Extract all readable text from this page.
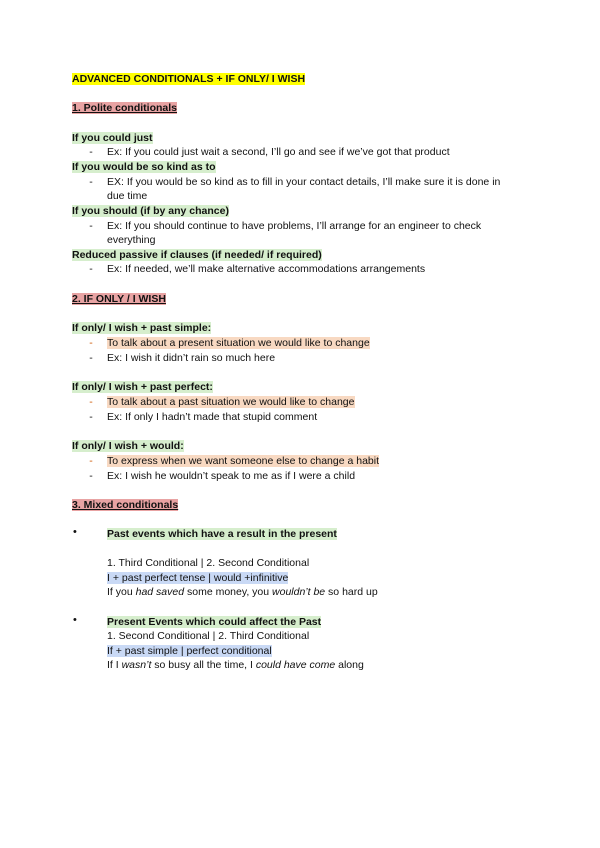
ADVANCED CONDITIONALS + IF ONLY/ I WISH
1. Polite conditionals
If you could just
-	Ex: If you could just wait a second, I’ll go and see if we’ve got that product
If you would be so kind as to
-	EX: If you would be so kind as to fill in your contact details, I’ll make sure it is done in
due time
If you should (if by any chance)
-	Ex: If you should continue to have problems, I’ll arrange for an engineer to check
everything
Reduced passive if clauses (if needed/ if required)
-	Ex: If needed, we’ll make alternative accommodations arrangements
2. IF ONLY / I WISH
If only/ I wish + past simple:
-	To talk about a present situation we would like to change
-	Ex: I wish it didn’t rain so much here
If only/ I wish + past perfect:
-	To talk about a past situation we would like to change
-	Ex: If only I hadn’t made that stupid comment
If only/ I wish + would:
-	To express when we want someone else to change a habit
-	Ex: I wish he wouldn’t speak to me as if I were a child
3. Mixed conditionals
•	Past events which have a result in the present
1. Third Conditional | 2. Second Conditional
I + past perfect tense | would +infinitive
If you had saved some money, you wouldn’t be so hard up
•	Present Events which could affect the Past
1. Second Conditional | 2. Third Conditional
If + past simple | perfect conditional
If I wasn’t so busy all the time, I could have come along
